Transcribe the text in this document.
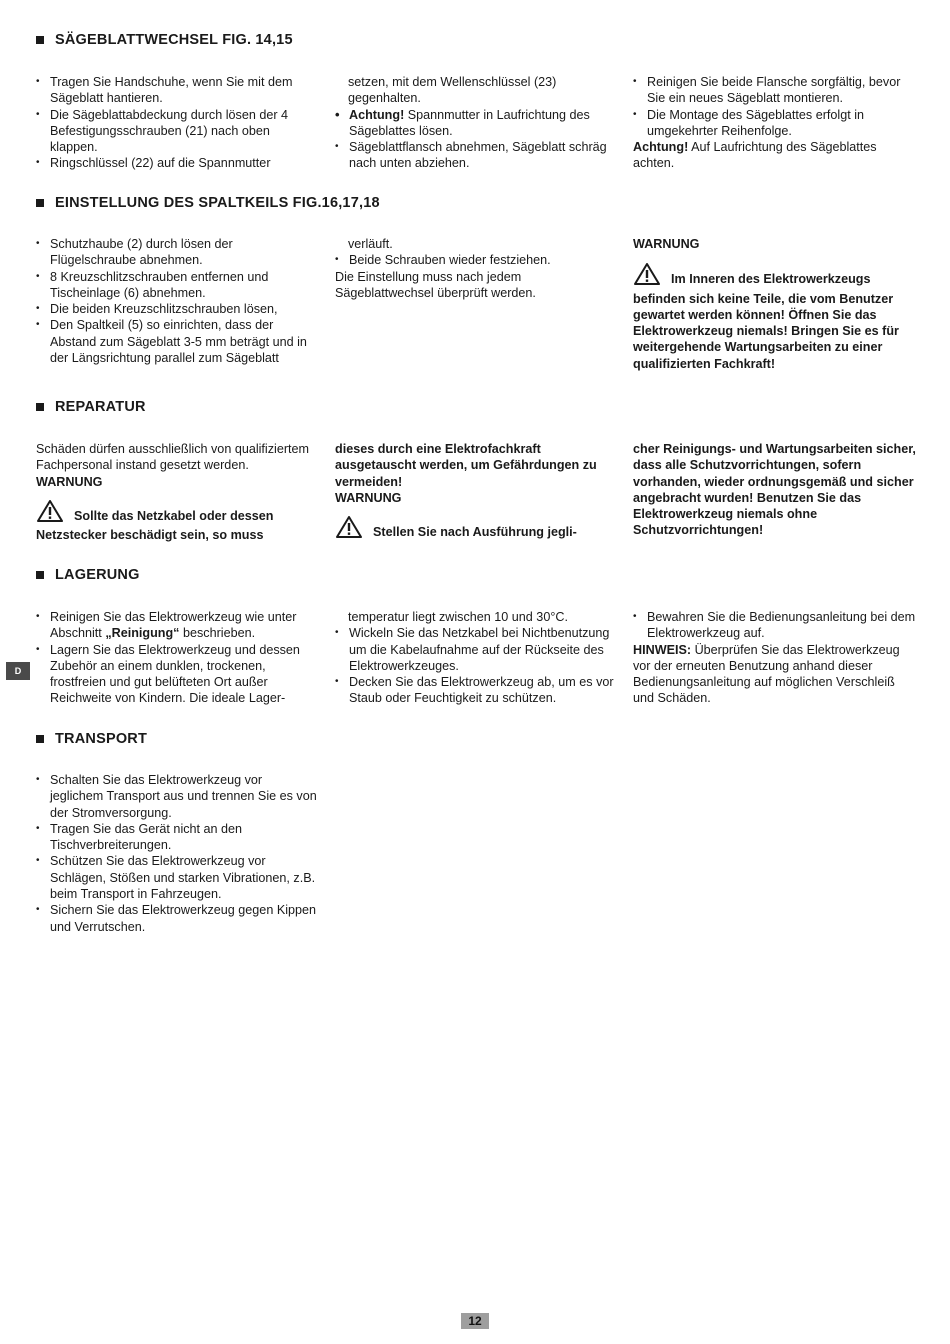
SÄGEBLATTWECHSEL FIG. 14,15
• Tragen Sie Handschuhe, wenn Sie mit dem Sägeblatt hantieren.
• Die Sägeblattabdeckung durch lösen der 4 Befestigungsschrauben (21) nach oben klappen.
• Ringschlüssel (22) auf die Spannmutter

setzen, mit dem Wellenschlüssel (23) gegenhalten.

• Achtung! Spannmutter in Laufrichtung des Sägeblattes lösen.
• Sägeblattflansch abnehmen, Sägeblatt schräg nach unten abziehen.
• Reinigen Sie beide Flansche sorgfältig, bevor Sie ein neues Sägeblatt montieren.
• Die Montage des Sägeblattes erfolgt in umgekehrter Reihenfolge.

Achtung! Auf Laufrichtung des Sägeblattes achten.

EINSTELLUNG DES SPALTKEILS FIG.16,17,18
• Schutzhaube (2) durch lösen der Flügelschraube abnehmen.
• 8 Kreuzschlitzschrauben entfernen und Tischeinlage (6) abnehmen.
• Die beiden Kreuzschlitzschrauben lösen,
• Den Spaltkeil (5) so einrichten, dass der Abstand zum Sägeblatt 3-5 mm beträgt und in der Längsrichtung parallel zum Sägeblatt

verläuft.

• Beide Schrauben wieder festziehen.

Die Einstellung muss nach jedem Sägeblattwechsel überprüft werden.

WARNUNG

Im Inneren des Elektrowerkzeugs befinden sich keine Teile, die vom Benutzer gewartet werden können! Öffnen Sie das Elektrowerkzeug niemals! Bringen Sie es für weitergehende Wartungsarbeiten zu einer qualifizierten Fachkraft!

REPARATUR

Schäden dürfen ausschließlich von qualifiziertem Fachpersonal instand gesetzt werden.

WARNUNG

Sollte das Netzkabel oder dessen Netzstecker beschädigt sein, so muss

dieses durch eine Elektrofachkraft ausgetauscht werden, um Gefährdungen zu vermeiden!

WARNUNG

Stellen Sie nach Ausführung jegli-

cher Reinigungs- und Wartungsarbeiten sicher, dass alle Schutzvorrichtungen, sofern vorhanden, wieder ordnungsgemäß und sicher angebracht wurden! Benutzen Sie das Elektrowerkzeug niemals ohne Schutzvorrichtungen!

LAGERUNG
• Reinigen Sie das Elektrowerkzeug wie unter Abschnitt „Reinigung“ beschrieben.
• Lagern Sie das Elektrowerkzeug und dessen Zubehör an einem dunklen, trockenen, frostfreien und gut belüfteten Ort außer Reichweite von Kindern. Die ideale Lager-

temperatur liegt zwischen 10 und 30°C.

• Wickeln Sie das Netzkabel bei Nichtbenutzung um die Kabelaufnahme auf der Rückseite des Elektrowerkzeuges.
• Decken Sie das Elektrowerkzeug ab, um es vor Staub oder Feuchtigkeit zu schützen.
• Bewahren Sie die Bedienungsanleitung bei dem Elektrowerkzeug auf.

HINWEIS: Überprüfen Sie das Elektrowerkzeug vor der erneuten Benutzung anhand dieser Bedienungsanleitung auf möglichen Verschleiß und Schäden.

TRANSPORT
• Schalten Sie das Elektrowerkzeug vor jeglichem Transport aus und trennen Sie es von der Stromversorgung.
• Tragen Sie das Gerät nicht an den Tischverbreiterungen.
• Schützen Sie das Elektrowerkzeug vor Schlägen, Stößen und starken Vibrationen, z.B. beim Transport in Fahrzeugen.
• Sichern Sie das Elektrowerkzeug gegen Kippen und Verrutschen.
D
12
